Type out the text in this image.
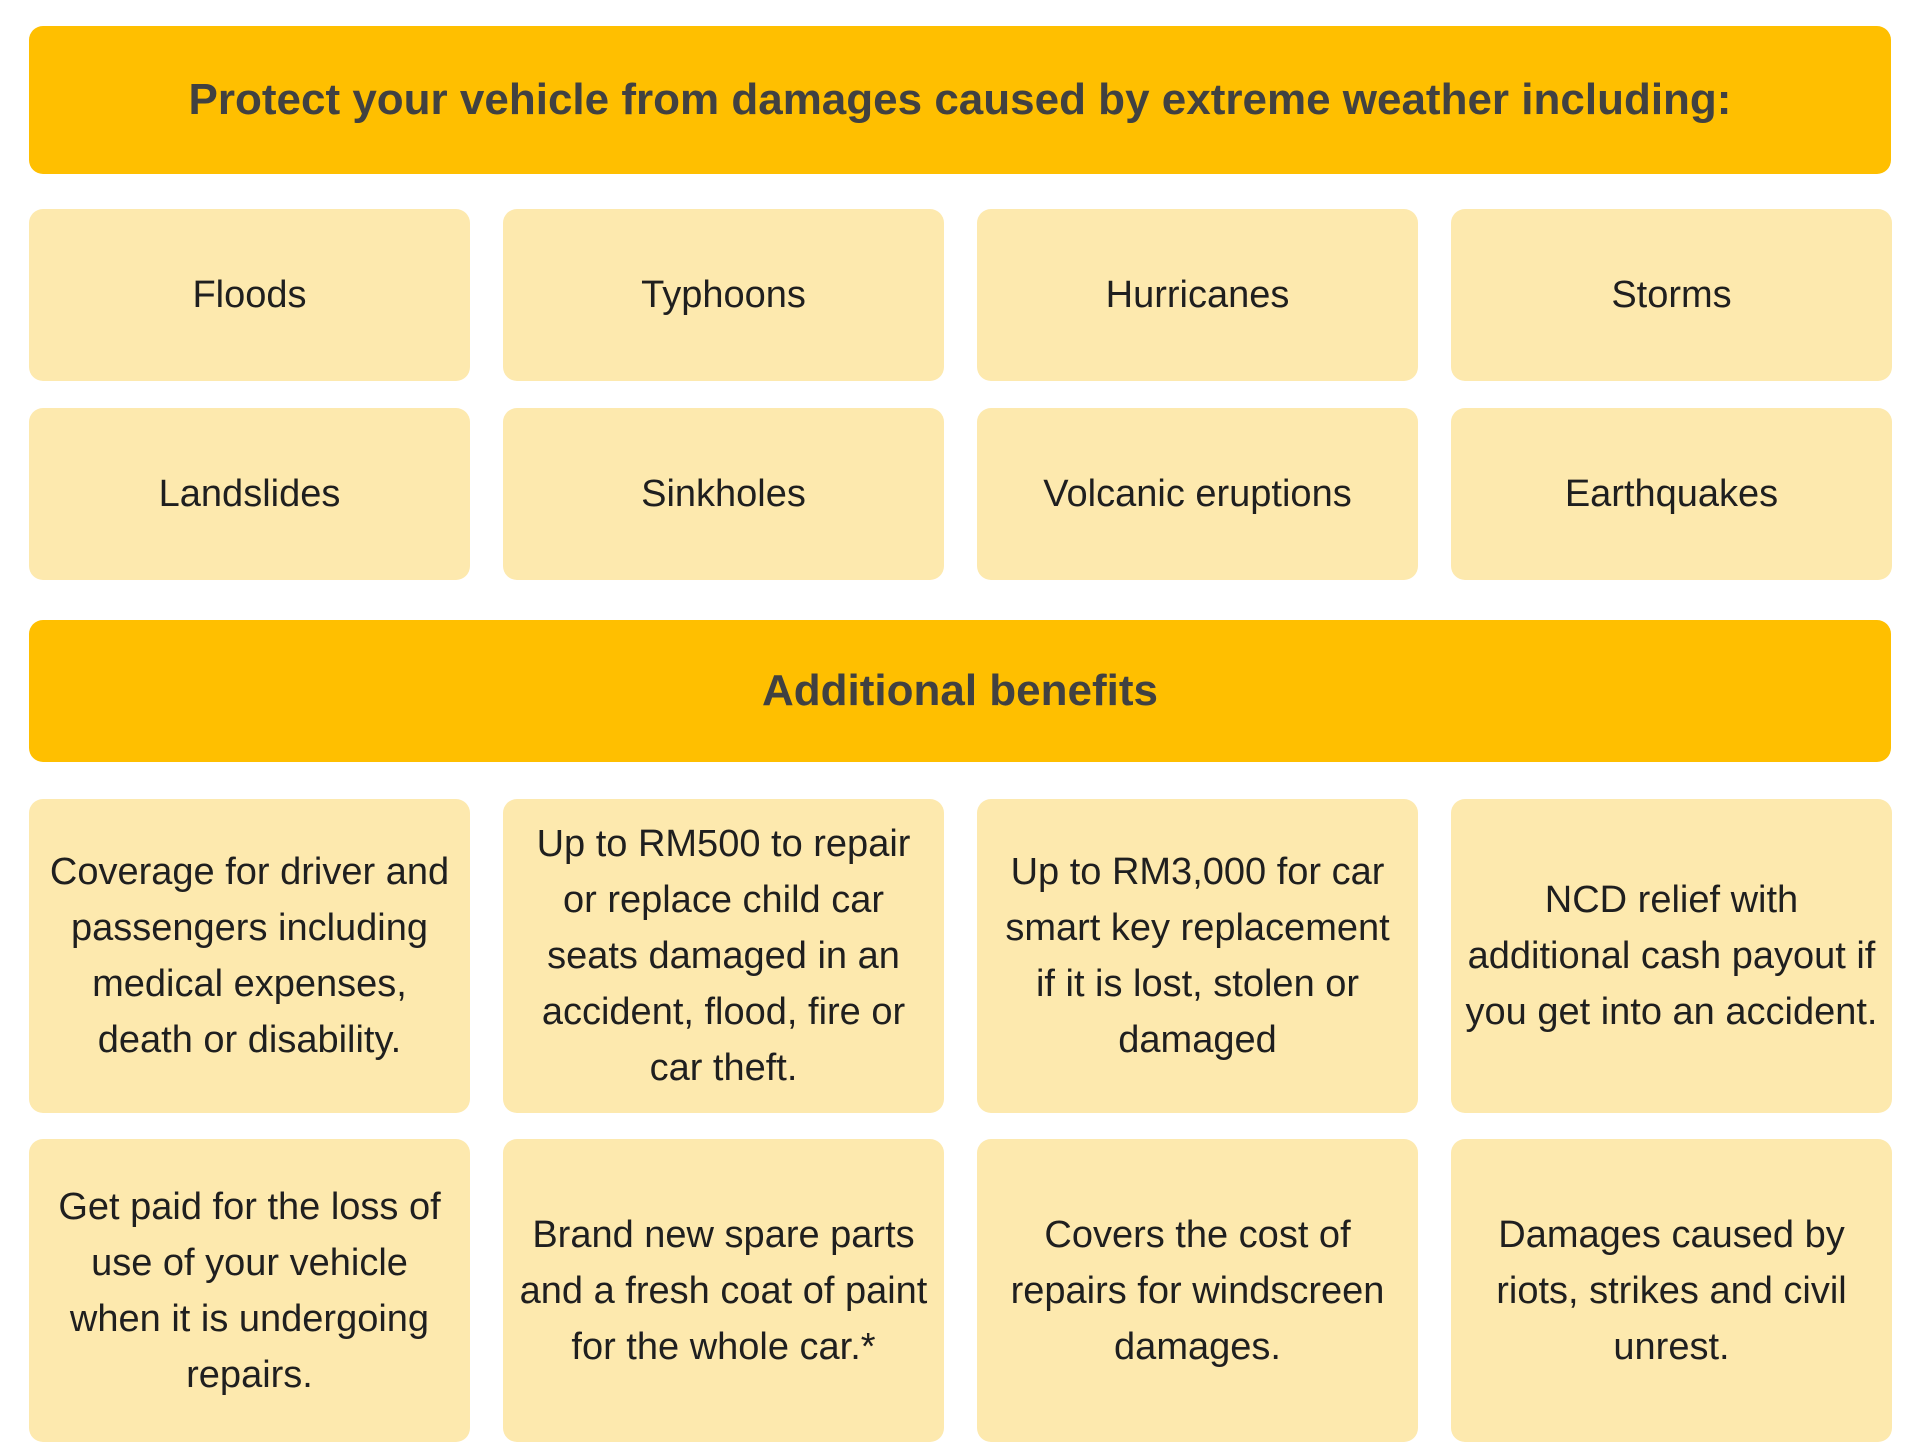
Protect your vehicle from damages caused by extreme weather including:
Floods	Typhoons	Hurricanes	Storms
Landslides	Sinkholes	Volcanic eruptions	Earthquakes
Additional benefits
Coverage for driver and passengers including medical expenses, death or disability.
Up to RM500 to repair or replace child car seats damaged in an accident, flood, fire or car theft.
Up to RM3,000 for car smart key replacement if it is lost, stolen or damaged
NCD relief with additional cash payout if you get into an accident.
Get paid for the loss of use of your vehicle when it is undergoing repairs.
Brand new spare parts and a fresh coat of paint for the whole car.*
Covers the cost of repairs for windscreen damages.
Damages caused by riots, strikes and civil unrest.
